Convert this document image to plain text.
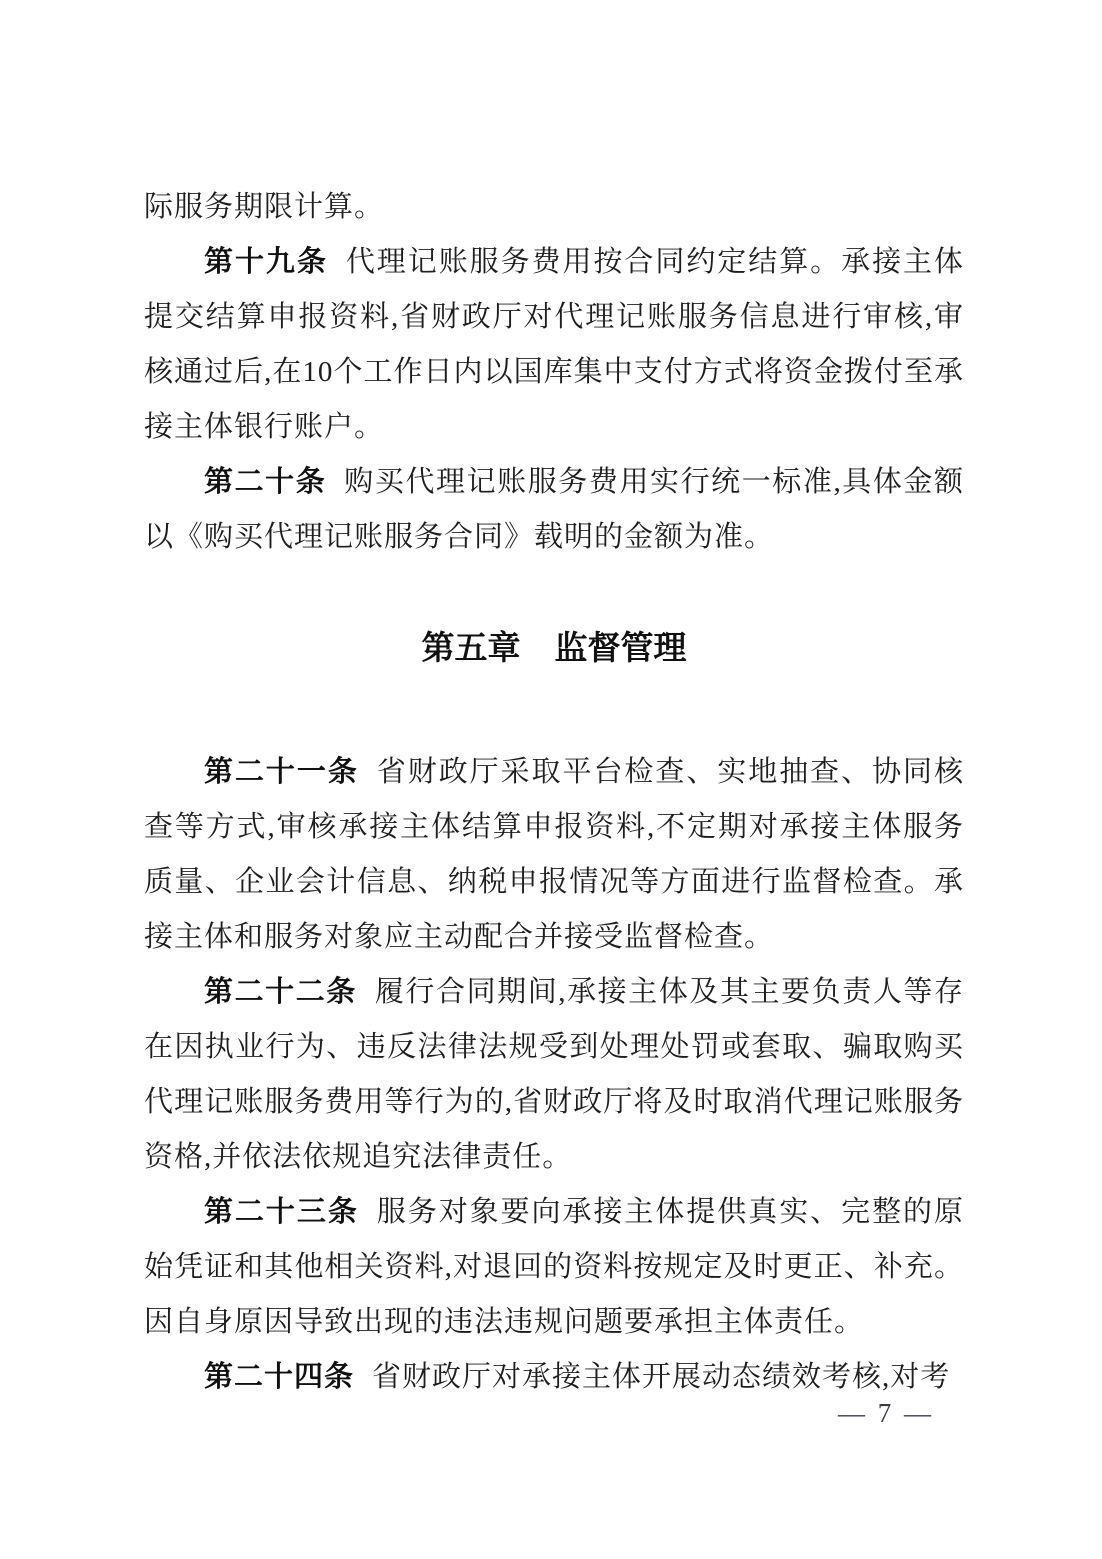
际服务期限计算。

第十九条 代理记账服务费用按合同约定结算。承接主体提交结算申报资料,省财政厅对代理记账服务信息进行审核,审核通过后,在10个工作日内以国库集中支付方式将资金拨付至承接主体银行账户。

第二十条 购买代理记账服务费用实行统一标准,具体金额以《购买代理记账服务合同》载明的金额为准。

第五章 监督管理

第二十一条 省财政厅采取平台检查、实地抽查、协同核查等方式,审核承接主体结算申报资料,不定期对承接主体服务质量、企业会计信息、纳税申报情况等方面进行监督检查。承接主体和服务对象应主动配合并接受监督检查。

第二十二条 履行合同期间,承接主体及其主要负责人等存在因执业行为、违反法律法规受到处理处罚或套取、骗取购买代理记账服务费用等行为的,省财政厅将及时取消代理记账服务资格,并依法依规追究法律责任。

第二十三条 服务对象要向承接主体提供真实、完整的原始凭证和其他相关资料,对退回的资料按规定及时更正、补充。因自身原因导致出现的违法违规问题要承担主体责任。

第二十四条 省财政厅对承接主体开展动态绩效考核,对考

— 7 —
